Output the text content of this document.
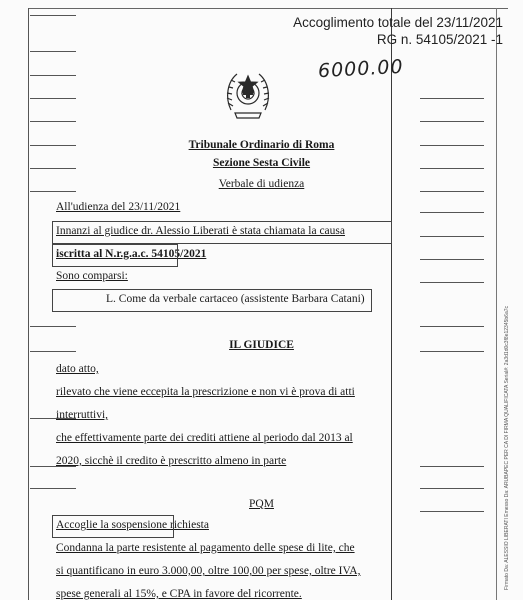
Accoglimento totale del 23/11/2021
RG n. 54105/2021 -1
6000.00
Tribunale Ordinario di Roma
Sezione Sesta Civile
Verbale di udienza
All'udienza del 23/11/2021
Innanzi al giudice dr. Alessio Liberati è stata chiamata la causa
iscritta al N.r.g.a.c. 54105/2021
Sono comparsi:
L. Come da verbale cartaceo (assistente Barbara Catani)
IL GIUDICE
dato atto,
rilevato che viene eccepita la prescrizione e non vi è prova di atti
interruttivi,
che effettivamente parte dei crediti attiene al periodo dal 2013 al
2020, sicchè il credito è prescritto almeno in parte
PQM
Accoglie la sospensione richiesta
Condanna la parte resistente al pagamento delle spese di lite, che
si quantificano in euro 3.000,00, oltre 100,00 per spese, oltre IVA,
spese generali al 15%, e CPA in favore del ricorrente.
Firmato Da: ALESSIO LIBERATI Emesso Da: ARUBAPEC PER CA DI FIRMA QUALIFICATA Serial#: 2a3d1d0c3f8e12345b6a7c
